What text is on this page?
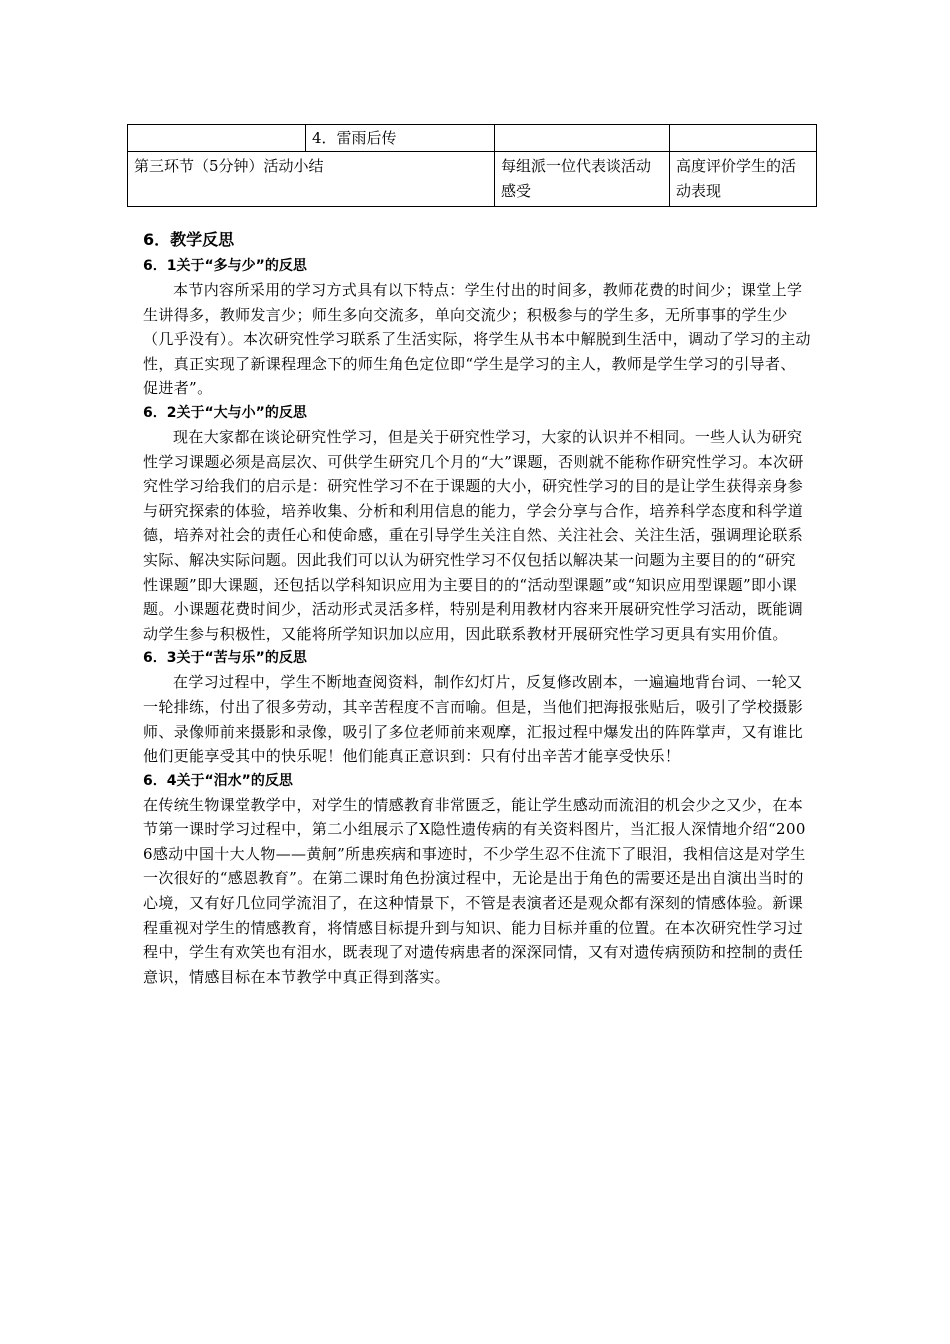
	4．雷雨后传		
第三环节（5分钟）活动小结		每组派一位代表谈活动感受	高度评价学生的活动表现
6．教学反思
6．1关于“多与少”的反思

本节内容所采用的学习方式具有以下特点：学生付出的时间多，教师花费的时间少；课堂上学生讲得多，教师发言少；师生多向交流多，单向交流少；积极参与的学生多，无所事事的学生少（几乎没有）。本次研究性学习联系了生活实际，将学生从书本中解脱到生活中，调动了学习的主动性，真正实现了新课程理念下的师生角色定位即“学生是学习的主人，教师是学生学习的引导者、促进者”。

6．2关于“大与小”的反思

现在大家都在谈论研究性学习，但是关于研究性学习，大家的认识并不相同。一些人认为研究性学习课题必须是高层次、可供学生研究几个月的“大”课题，否则就不能称作研究性学习。本次研究性学习给我们的启示是：研究性学习不在于课题的大小，研究性学习的目的是让学生获得亲身参与研究探索的体验，培养收集、分析和利用信息的能力，学会分享与合作，培养科学态度和科学道德，培养对社会的责任心和使命感，重在引导学生关注自然、关注社会、关注生活，强调理论联系实际、解决实际问题。因此我们可以认为研究性学习不仅包括以解决某一问题为主要目的的“研究性课题”即大课题，还包括以学科知识应用为主要目的的“活动型课题”或“知识应用型课题”即小课题。小课题花费时间少，活动形式灵活多样，特别是利用教材内容来开展研究性学习活动，既能调动学生参与积极性，又能将所学知识加以应用，因此联系教材开展研究性学习更具有实用价值。

6．3关于“苦与乐”的反思

在学习过程中，学生不断地查阅资料，制作幻灯片，反复修改剧本，一遍遍地背台词、一轮又一轮排练，付出了很多劳动，其辛苦程度不言而喻。但是，当他们把海报张贴后，吸引了学校摄影师、录像师前来摄影和录像，吸引了多位老师前来观摩，汇报过程中爆发出的阵阵掌声，又有谁比他们更能享受其中的快乐呢！他们能真正意识到：只有付出辛苦才能享受快乐！

6．4关于“泪水”的反思

在传统生物课堂教学中，对学生的情感教育非常匮乏，能让学生感动而流泪的机会少之又少，在本节第一课时学习过程中，第二小组展示了X隐性遗传病的有关资料图片，当汇报人深情地介绍“2006感动中国十大人物——黄舸”所患疾病和事迹时，不少学生忍不住流下了眼泪，我相信这是对学生一次很好的“感恩教育”。在第二课时角色扮演过程中，无论是出于角色的需要还是出自演出当时的心境，又有好几位同学流泪了，在这种情景下，不管是表演者还是观众都有深刻的情感体验。新课程重视对学生的情感教育，将情感目标提升到与知识、能力目标并重的位置。在本次研究性学习过程中，学生有欢笑也有泪水，既表现了对遗传病患者的深深同情，又有对遗传病预防和控制的责任意识，情感目标在本节教学中真正得到落实。
